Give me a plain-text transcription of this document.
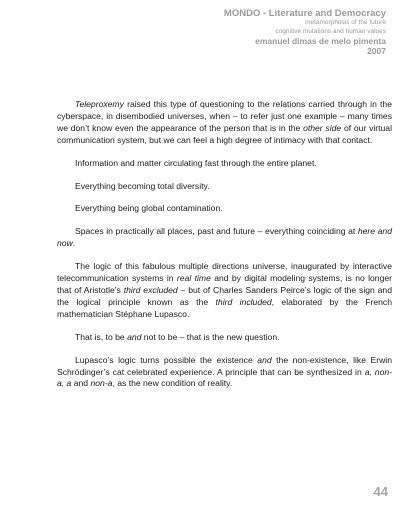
MONDO - Literature and Democracy
metamorphosis of the future
cognitive mutations and human values
emanuel dimas de melo pimenta
2007

Teleproxemy raised this type of questioning to the relations carried through in the cyberspace, in disembodied universes, when – to refer just one example – many times we don’t know even the appearance of the person that is in the other side of our virtual communication system, but we can feel a high degree of intimacy with that contact.

Information and matter circulating fast through the entire planet.

Everything becoming total diversity.

Everything being global contamination.

Spaces in practically all places, past and future – everything coinciding at here and now.

The logic of this fabulous multiple directions universe, inaugurated by interactive telecommunication systems in real time and by digital modeling systems, is no longer that of Aristotle’s third excluded – but of Charles Sanders Peirce’s logic of the sign and the logical principle known as the third included, elaborated by the French mathematician Stéphane Lupasco.

That is, to be and not to be – that is the new question.

Lupasco’s logic turns possible the existence and the non-existence, like Erwin Schrödinger’s cat celebrated experience. A principle that can be synthesized in a, non-a, a and non-a, as the new condition of reality.

44
